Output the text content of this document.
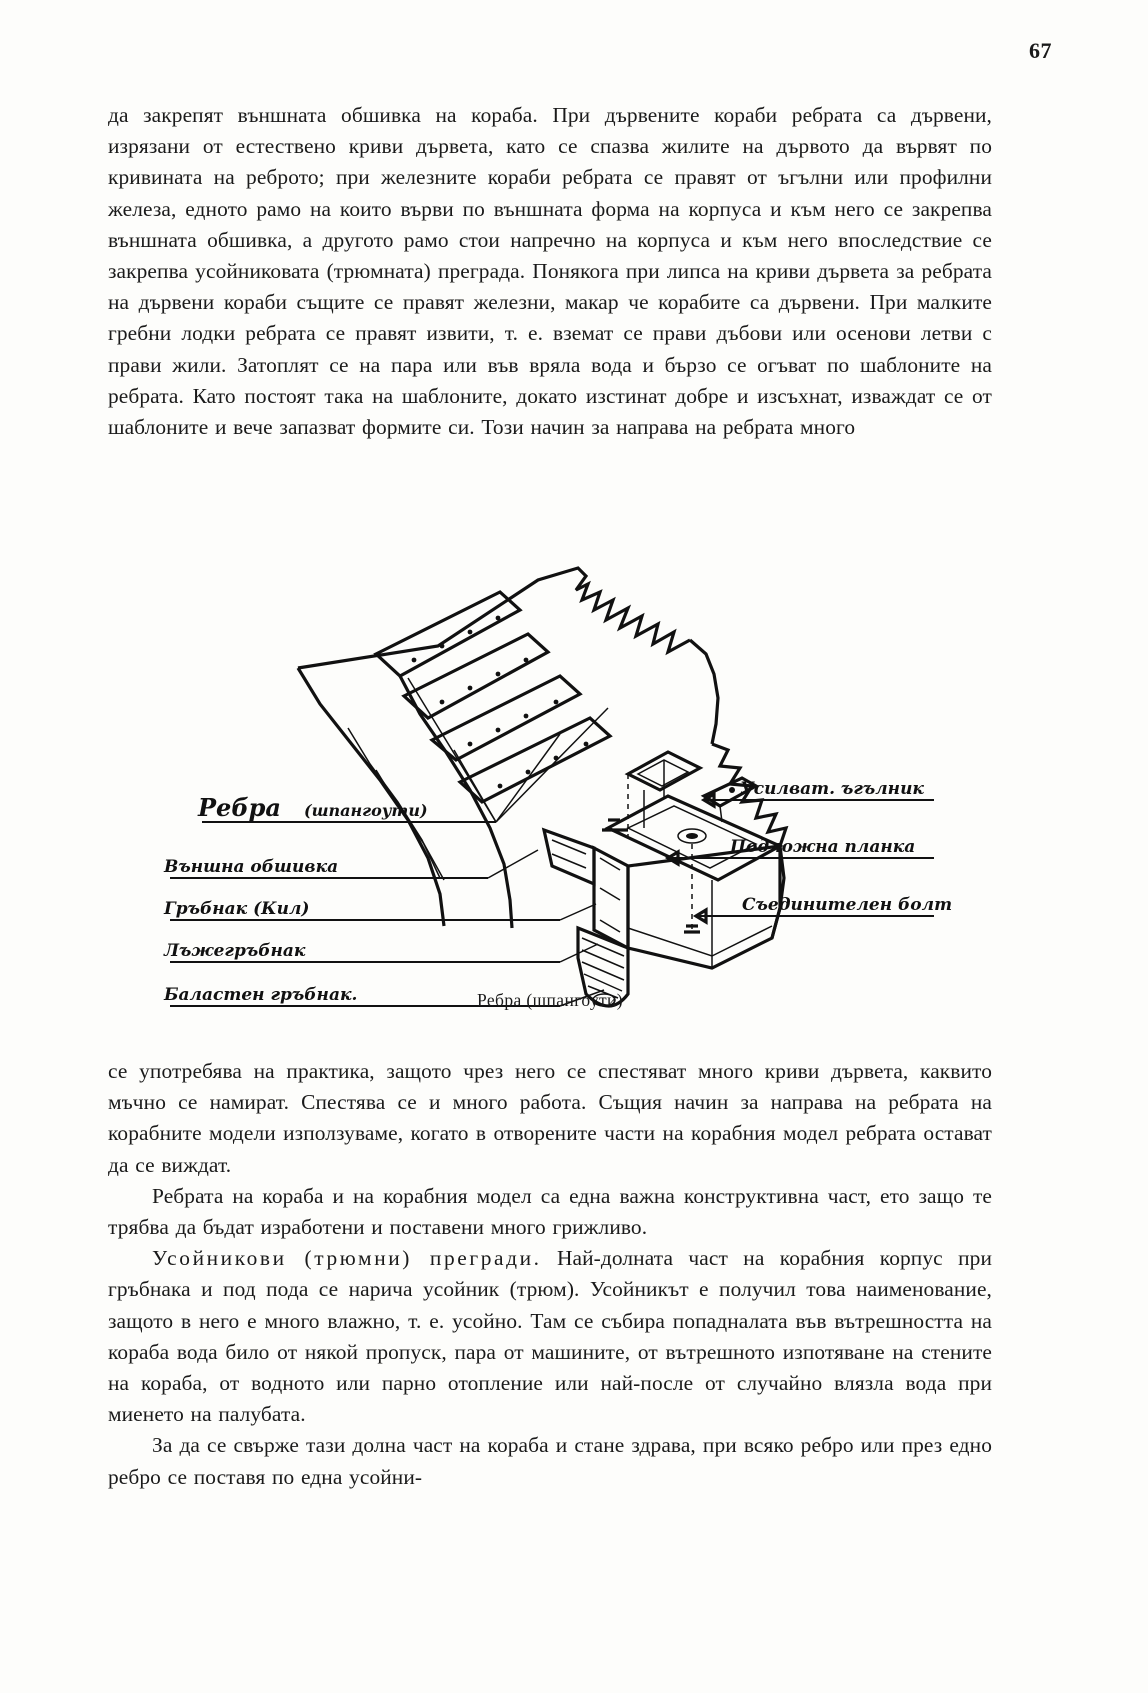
67

да закрепят външната обшивка на кораба. При дървените кораби ребрата са дървени, изрязани от естествено криви дървета, като се спазва жилите на дървото да вървят по кривината на реброто; при железните кораби ребрата се правят от ъгълни или профилни железа, едното рамо на които върви по външната форма на корпуса и към него се закрепва външната обшивка, а другото рамо стои напречно на корпуса и към него впоследствие се закрепва усойниковата (трюмната) преграда. Понякога при липса на криви дървета за ребрата на дървени кораби същите се правят железни, макар че корабите са дървени. При малките гребни лодки ребрата се правят извити, т. е. вземат се прави дъбови или осенови летви с прави жили. Затоплят се на пара или във вряла вода и бързо се огъват по шаблоните на ребрата. Като постоят така на шаблоните, докато изстинат добре и изсъхнат, изваждат се от шаблоните и вече запазват формите си. Този начин за направа на ребрата много

Ребра (шпангоути)
Усилват. ъгълник
Подложна планка
Съединителен болт
Външна обшивка
Гръбнак (Кил)
Лъжегръбнак
Баластен гръбнак.	Ребра (шпангоути)

се употребява на практика, защото чрез него се спестяват много криви дървета, каквито мъчно се намират. Спестява се и много работа. Същия начин за направа на ребрата на корабните модели използуваме, когато в отворените части на корабния модел ребрата остават да се виждат.

Ребрата на кораба и на корабния модел са една важна конструктивна част, ето защо те трябва да бъдат изработени и поставени много грижливо.

Усойникови (трюмни) прегради. Най-долната част на корабния корпус при гръбнака и под пода се нарича усойник (трюм). Усойникът е получил това наименование, защото в него е много влажно, т. е. усойно. Там се събира попадналата във вътрешността на кораба вода било от някой пропуск, пара от машините, от вътрешното изпотяване на стените на кораба, от водното или парно отопление или най-после от случайно влязла вода при миенето на палубата.

За да се свърже тази долна част на кораба и стане здрава, при всяко ребро или през едно ребро се поставя по една усойни-
